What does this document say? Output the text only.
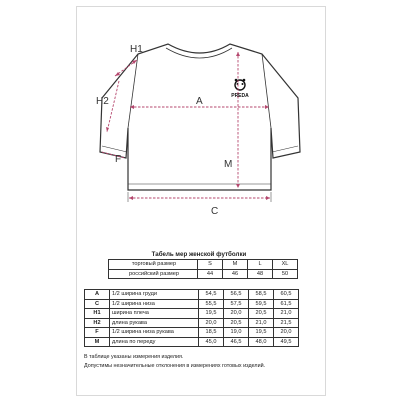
PREDA
H1
H2	A
M
F
C
Табель мер женской футболки
	торговый размер	S	M	L	XL
	российский размер	44	46	48	50
A	1/2 ширина груди	54,5	56,5	58,5	60,5
C	1/2 ширина низа	55,5	57,5	59,5	61,5
H1	ширина плеча	19,5	20,0	20,5	21,0
H2	длина рукава	20,0	20,5	21,0	21,5
F	1/2 ширина низа рукава	18,5	19,0	19,5	20,0
M	длина по переду	45,0	46,5	48,0	49,5
В таблице указаны измерения изделия.
Допустимы незначительные отклонения в измерениях готовых изделий.
